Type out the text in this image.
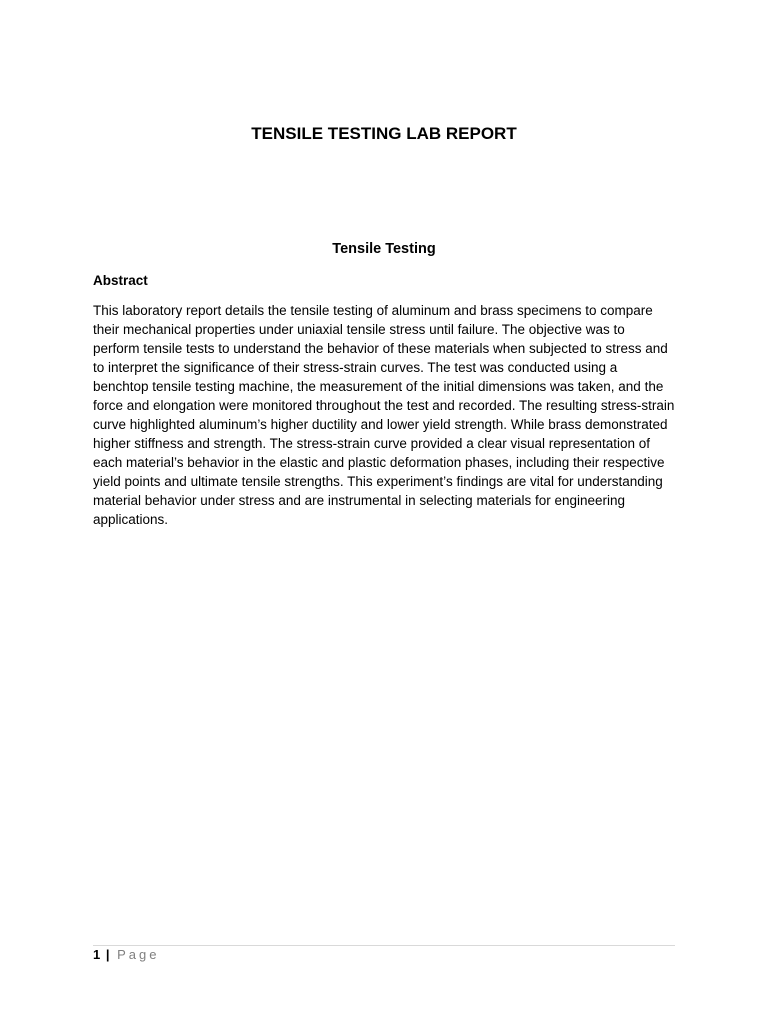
TENSILE TESTING LAB REPORT
Tensile Testing
Abstract

This laboratory report details the tensile testing of aluminum and brass specimens to compare their mechanical properties under uniaxial tensile stress until failure. The objective was to perform tensile tests to understand the behavior of these materials when subjected to stress and to interpret the significance of their stress-strain curves. The test was conducted using a benchtop tensile testing machine, the measurement of the initial dimensions was taken, and the force and elongation were monitored throughout the test and recorded. The resulting stress-strain curve highlighted aluminum’s higher ductility and lower yield strength. While brass demonstrated higher stiffness and strength. The stress-strain curve provided a clear visual representation of each material’s behavior in the elastic and plastic deformation phases, including their respective yield points and ultimate tensile strengths. This experiment’s findings are vital for understanding material behavior under stress and are instrumental in selecting materials for engineering applications.

1 | Page
